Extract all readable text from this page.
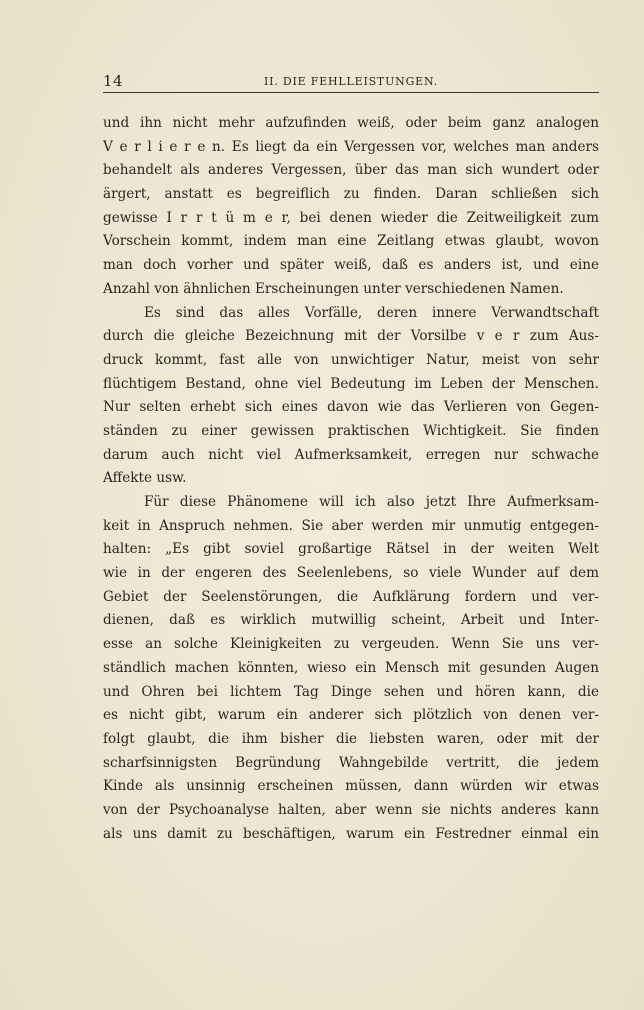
14	II. DIE FEHLLEISTUNGEN.
und ihn nicht mehr aufzufinden weiß, oder beim ganz analogen
V e r l i e r e n. Es liegt da ein Vergessen vor, welches man anders
behandelt als anderes Vergessen, über das man sich wundert oder
ärgert, anstatt es begreiflich zu finden. Daran schließen sich
gewisse I r r t ü m e r, bei denen wieder die Zeitweiligkeit zum
Vorschein kommt, indem man eine Zeitlang etwas glaubt, wovon
man doch vorher und später weiß, daß es anders ist, und eine
Anzahl von ähnlichen Erscheinungen unter verschiedenen Namen.
Es sind das alles Vorfälle, deren innere Verwandtschaft
durch die gleiche Bezeichnung mit der Vorsilbe v e r zum Aus-
druck kommt, fast alle von unwichtiger Natur, meist von sehr
flüchtigem Bestand, ohne viel Bedeutung im Leben der Menschen.
Nur selten erhebt sich eines davon wie das Verlieren von Gegen-
ständen zu einer gewissen praktischen Wichtigkeit. Sie finden
darum auch nicht viel Aufmerksamkeit, erregen nur schwache
Affekte usw.
Für diese Phänomene will ich also jetzt Ihre Aufmerksam-
keit in Anspruch nehmen. Sie aber werden mir unmutig entgegen-
halten: „Es gibt soviel großartige Rätsel in der weiten Welt
wie in der engeren des Seelenlebens, so viele Wunder auf dem
Gebiet der Seelenstörungen, die Aufklärung fordern und ver-
dienen, daß es wirklich mutwillig scheint, Arbeit und Inter-
esse an solche Kleinigkeiten zu vergeuden. Wenn Sie uns ver-
ständlich machen könnten, wieso ein Mensch mit gesunden Augen
und Ohren bei lichtem Tag Dinge sehen und hören kann, die
es nicht gibt, warum ein anderer sich plötzlich von denen ver-
folgt glaubt, die ihm bisher die liebsten waren, oder mit der
scharfsinnigsten Begründung Wahngebilde vertritt, die jedem
Kinde als unsinnig erscheinen müssen, dann würden wir etwas
von der Psychoanalyse halten, aber wenn sie nichts anderes kann
als uns damit zu beschäftigen, warum ein Festredner einmal ein
